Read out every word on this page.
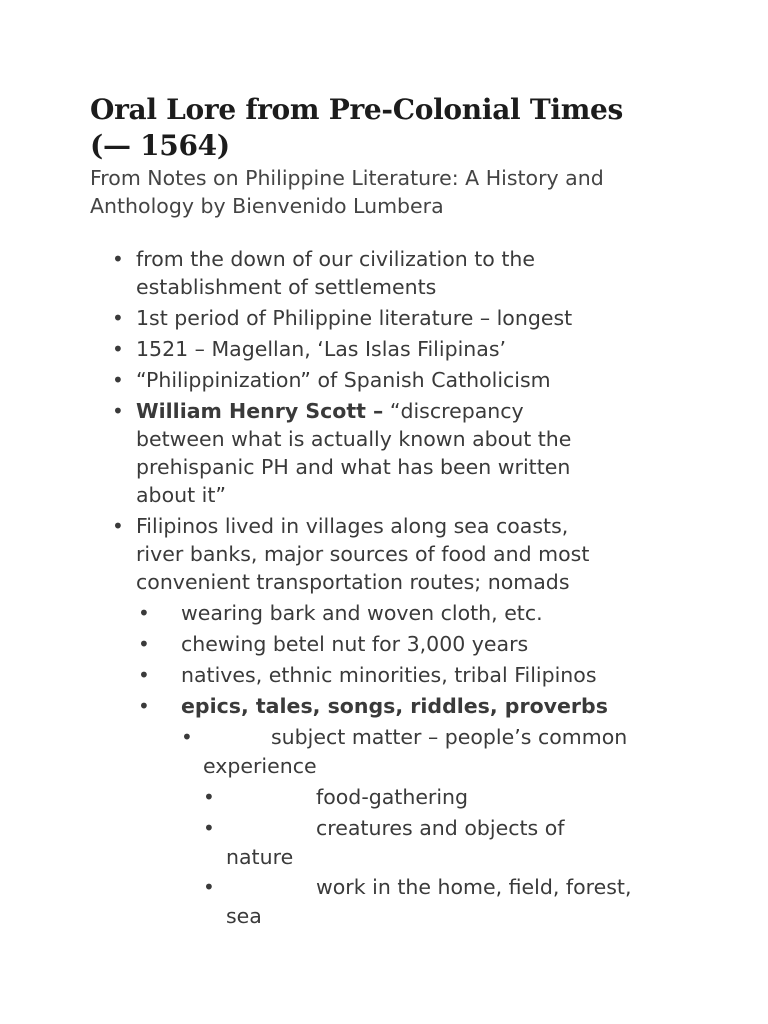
Oral Lore from Pre-Colonial Times
(— 1564)

From Notes on Philippine Literature: A History and
Anthology by Bienvenido Lumbera

• from the down of our civilization to the

establishment of settlements

• 1st period of Philippine literature – longest

• 1521 – Magellan, ‘Las Islas Filipinas’

• “Philippinization” of Spanish Catholicism

• William Henry Scott – “discrepancy

between what is actually known about the

prehispanic PH and what has been written

about it”

• Filipinos lived in villages along sea coasts,

river banks, major sources of food and most

convenient transportation routes; nomads

• wearing bark and woven cloth, etc.

• chewing betel nut for 3,000 years

• natives, ethnic minorities, tribal Filipinos

• epics, tales, songs, riddles, proverbs

•	subject matter – people’s common

experience

•	food-gathering

•	creatures and objects of

nature

•	work in the home, field, forest,

sea
